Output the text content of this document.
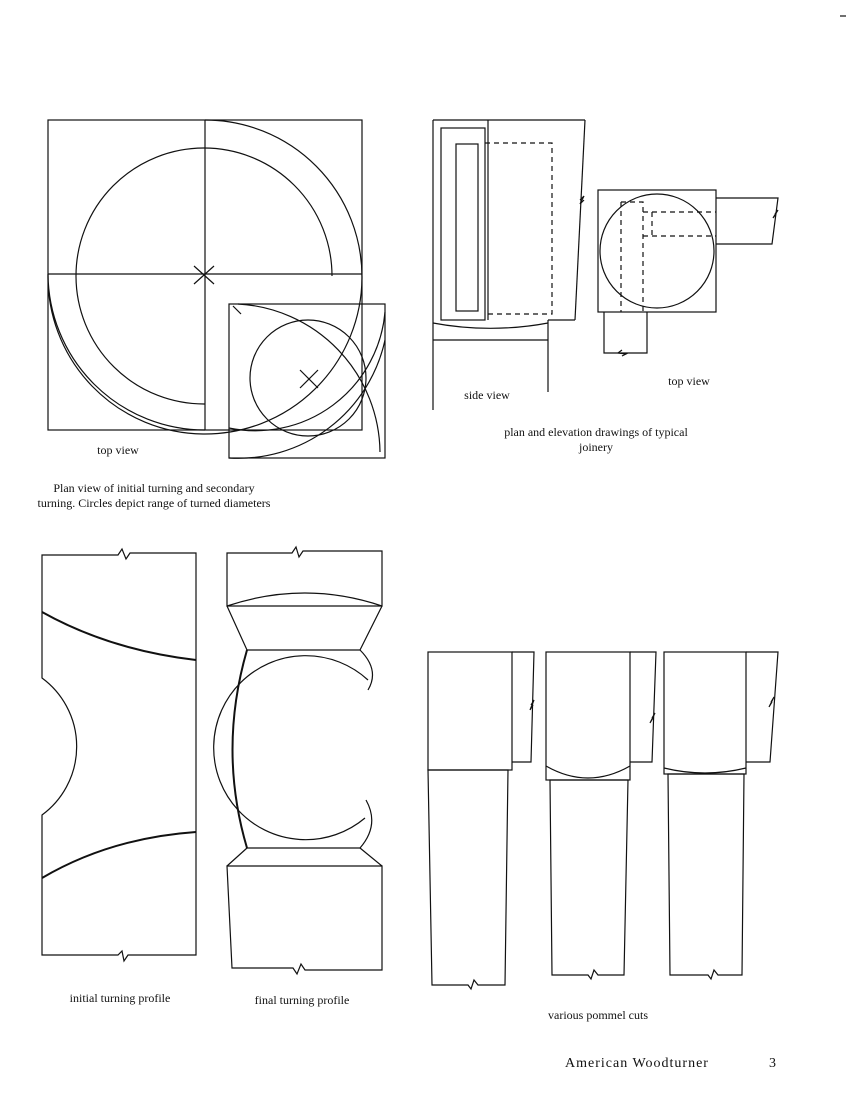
top view
Plan view of initial turning and secondary turning. Circles depict range of turned diameters
side view
top view
plan and elevation drawings of typical joinery
initial turning profile	final turning profile
various pommel cuts
American Woodturner	3
